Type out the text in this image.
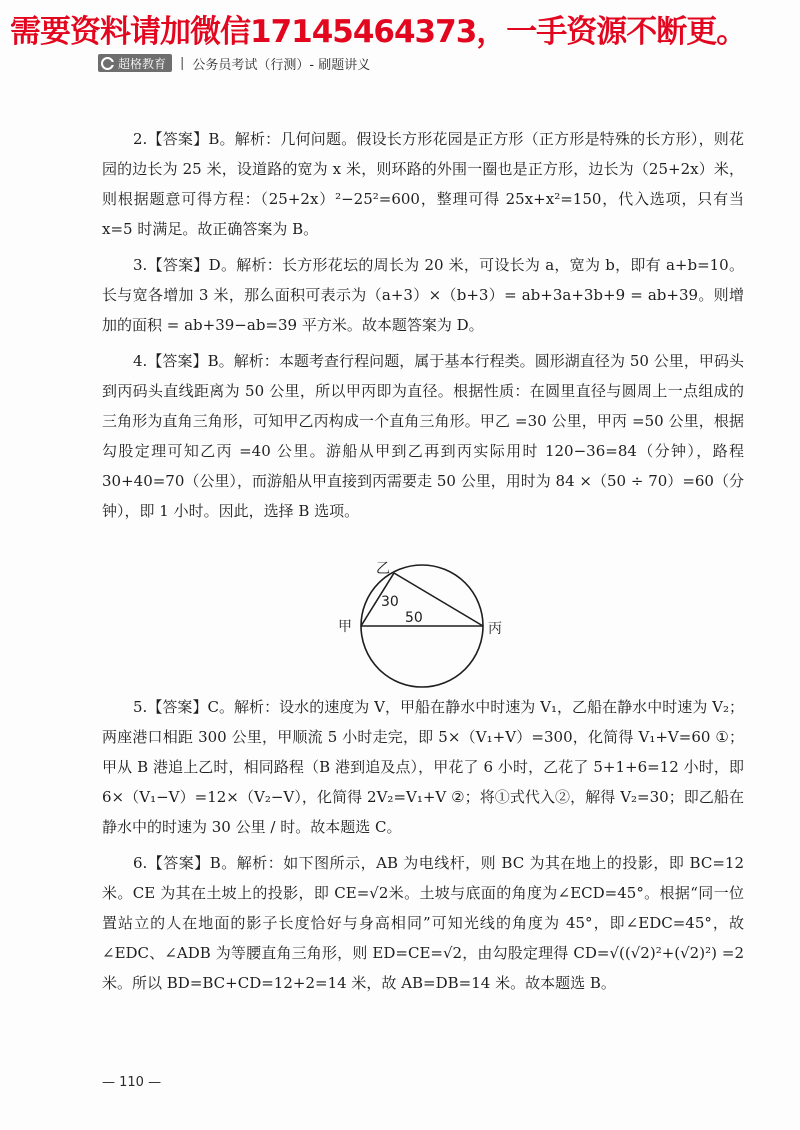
需要资料请加微信17145464373，一手资源不断更。
超格教育 | 公务员考试（行测）- 刷题讲义

2.【答案】B。解析：几何问题。假设长方形花园是正方形（正方形是特殊的长方形），则花园的边长为 25 米，设道路的宽为 x 米，则环路的外围一圈也是正方形，边长为（25+2x）米，则根据题意可得方程：（25+2x）²−25²=600，整理可得 25x+x²=150，代入选项，只有当 x=5 时满足。故正确答案为 B。

3.【答案】D。解析：长方形花坛的周长为 20 米，可设长为 a，宽为 b，即有 a+b=10。长与宽各增加 3 米，那么面积可表示为（a+3）×（b+3）= ab+3a+3b+9 = ab+39。则增加的面积 = ab+39−ab=39 平方米。故本题答案为 D。

4.【答案】B。解析：本题考查行程问题，属于基本行程类。圆形湖直径为 50 公里，甲码头到丙码头直线距离为 50 公里，所以甲丙即为直径。根据性质：在圆里直径与圆周上一点组成的三角形为直角三角形，可知甲乙丙构成一个直角三角形。甲乙 =30 公里，甲丙 =50 公里，根据勾股定理可知乙丙 =40 公里。游船从甲到乙再到丙实际用时 120−36=84（分钟），路程 30+40=70（公里），而游船从甲直接到丙需要走 50 公里，用时为 84 ×（50 ÷ 70）=60（分钟），即 1 小时。因此，选择 B 选项。

5.【答案】C。解析：设水的速度为 V，甲船在静水中时速为 V₁，乙船在静水中时速为 V₂；两座港口相距 300 公里，甲顺流 5 小时走完，即 5×（V₁+V）=300，化简得 V₁+V=60 ①；甲从 B 港追上乙时，相同路程（B 港到追及点），甲花了 6 小时，乙花了 5+1+6=12 小时，即 6×（V₁−V）=12×（V₂−V），化简得 2V₂=V₁+V ②；将①式代入②，解得 V₂=30；即乙船在静水中的时速为 30 公里 / 时。故本题选 C。

6.【答案】B。解析：如下图所示，AB 为电线杆，则 BC 为其在地上的投影，即 BC=12 米。CE 为其在土坡上的投影，即 CE=√2米。土坡与底面的角度为∠ECD=45°。根据“同一位置站立的人在地面的影子长度恰好与身高相同”可知光线的角度为 45°，即∠EDC=45°，故∠EDC、∠ADB 为等腰直角三角形，则 ED=CE=√2，由勾股定理得 CD=√((√2)²+(√2)²) =2 米。所以 BD=BC+CD=12+2=14 米，故 AB=DB=14 米。故本题选 B。

乙
甲	丙
30
50
— 110 —
